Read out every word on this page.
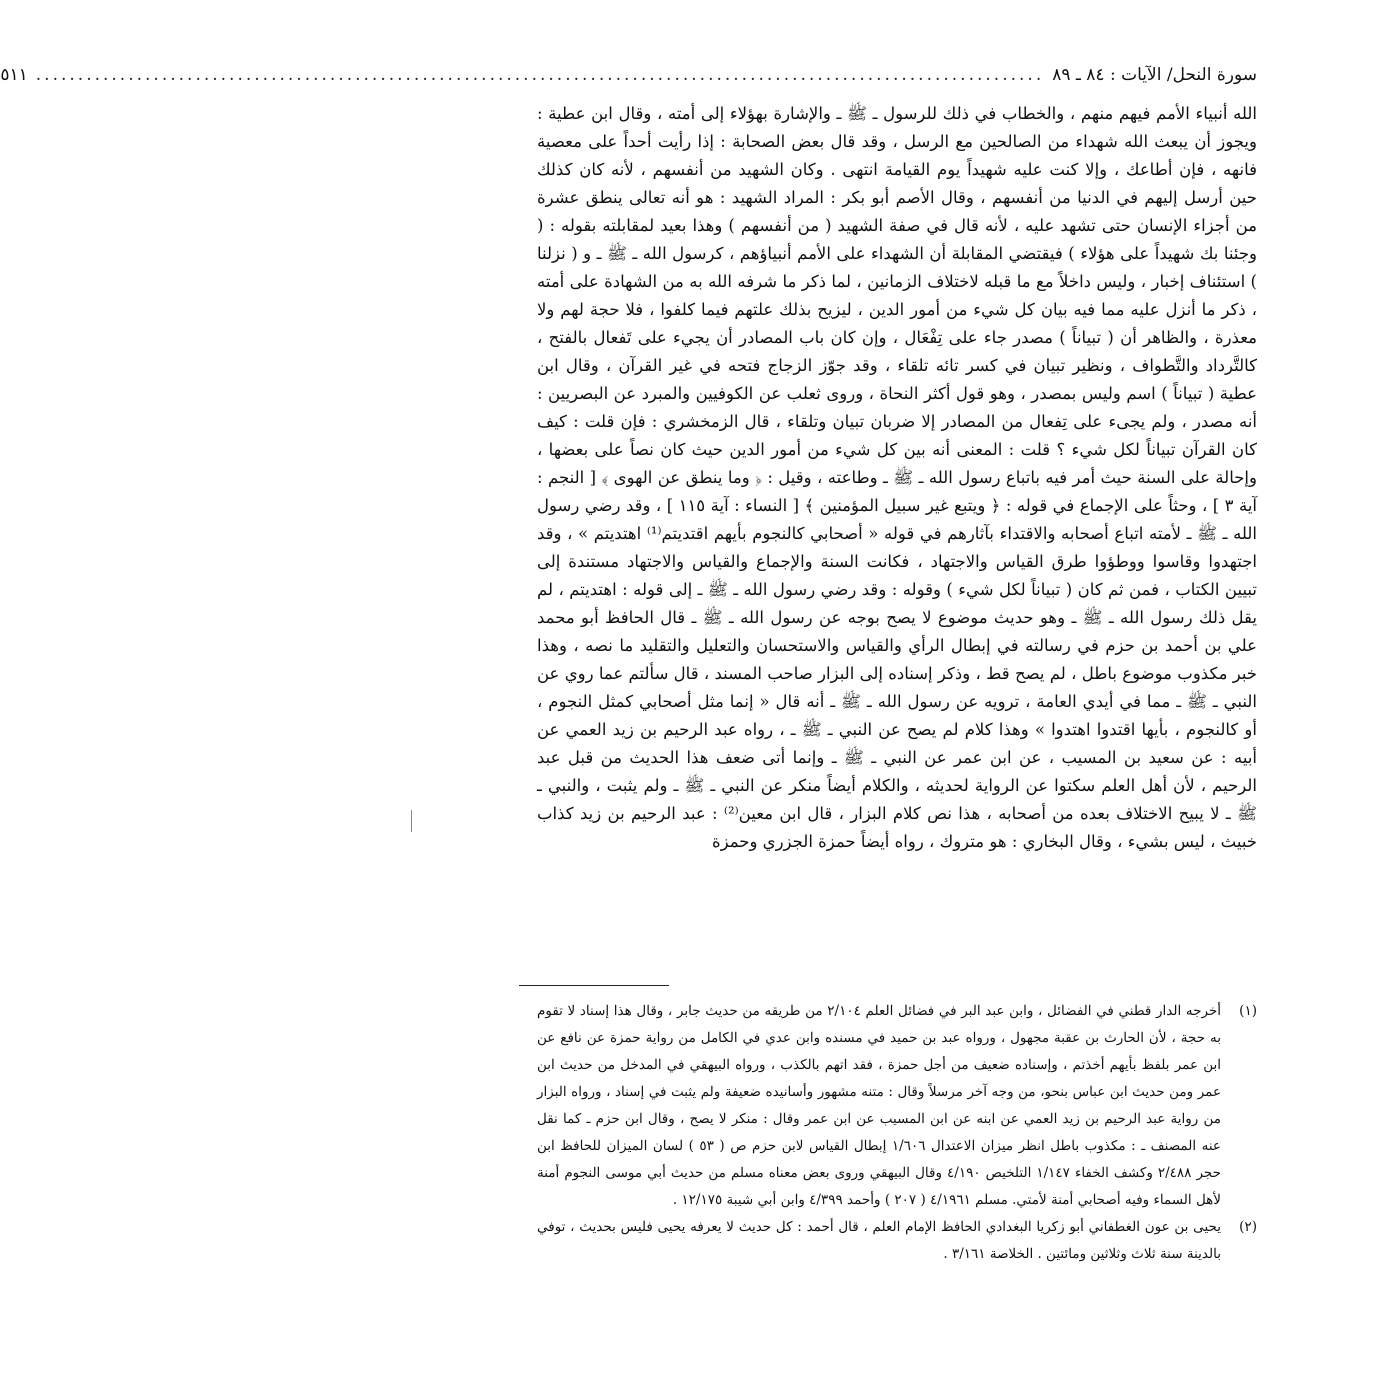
سورة النحل/ الآيات : ٨٤ ـ ٨٩
........................................................................................................................
٥١١

الله أنبياء الأمم فيهم منهم ، والخطاب في ذلك للرسول ـ ﷺ ـ والإشارة بهؤلاء إلى أمته ، وقال ابن عطية : ويجوز أن يبعث الله شهداء من الصالحين مع الرسل ، وقد قال بعض الصحابة : إذا رأيت أحداً على معصية فانهه ، فإن أطاعك ، وإلا كنت عليه شهيداً يوم القيامة انتهى . وكان الشهيد من أنفسهم ، لأنه كان كذلك حين أرسل إليهم في الدنيا من أنفسهم ، وقال الأصم أبو بكر : المراد الشهيد : هو أنه تعالى ينطق عشرة من أجزاء الإنسان حتى تشهد عليه ، لأنه قال في صفة الشهيد ( من أنفسهم ) وهذا بعيد لمقابلته بقوله : ( وجئنا بك شهيداً على هؤلاء ) فيقتضي المقابلة أن الشهداء على الأمم أنبياؤهم ، كرسول الله ـ ﷺ ـ و ( نزلنا ) استئناف إخبار ، وليس داخلاً مع ما قبله لاختلاف الزمانين ، لما ذكر ما شرفه الله به من الشهادة على أمته ، ذكر ما أنزل عليه مما فيه بيان كل شيء من أمور الدين ، ليزيح بذلك علتهم فيما كلفوا ، فلا حجة لهم ولا معذرة ، والظاهر أن ( تبياناً ) مصدر جاء على تِفْعَال ، وإن كان باب المصادر أن يجيء على تَفعال بالفتح ، كالتَّرداد والتَّطواف ، ونظير تبيان في كسر تائه تلقاء ، وقد جوّز الزجاج فتحه في غير القرآن ، وقال ابن عطية ( تبياناً ) اسم وليس بمصدر ، وهو قول أكثر النحاة ، وروى ثعلب عن الكوفيين والمبرد عن البصريين : أنه مصدر ، ولم يجىء على تِفعال من المصادر إلا ضربان تبيان وتلقاء ، قال الزمخشري : فإن قلت : كيف كان القرآن تبياناً لكل شيء ؟ قلت : المعنى أنه بين كل شيء من أمور الدين حيث كان نصاً على بعضها ، وإحالة على السنة حيث أمر فيه باتباع رسول الله ـ ﷺ ـ وطاعته ، وقيل : ﴿ وما ينطق عن الهوى ﴾ [ النجم : آية ٣ ] ، وحثاً على الإجماع في قوله : ﴿ ويتبع غير سبيل المؤمنين ﴾ [ النساء : آية ١١٥ ] ، وقد رضي رسول الله ـ ﷺ ـ لأمته اتباع أصحابه والاقتداء بآثارهم في قوله « أصحابي كالنجوم بأيهم اقتديتم⁽¹⁾ اهتديتم » ، وقد اجتهدوا وقاسوا ووطؤوا طرق القياس والاجتهاد ، فكانت السنة والإجماع والقياس والاجتهاد مستندة إلى تبيين الكتاب ، فمن ثم كان ( تبياناً لكل شيء ) وقوله : وقد رضي رسول الله ـ ﷺ ـ إلى قوله : اهتديتم ، لم يقل ذلك رسول الله ـ ﷺ ـ وهو حديث موضوع لا يصح بوجه عن رسول الله ـ ﷺ ـ قال الحافظ أبو محمد علي بن أحمد بن حزم في رسالته في إبطال الرأي والقياس والاستحسان والتعليل والتقليد ما نصه ، وهذا خبر مكذوب موضوع باطل ، لم يصح قط ، وذكر إسناده إلى البزار صاحب المسند ، قال سألتم عما روي عن النبي ـ ﷺ ـ مما في أيدي العامة ، ترويه عن رسول الله ـ ﷺ ـ أنه قال « إنما مثل أصحابي كمثل النجوم ، أو كالنجوم ، بأيها اقتدوا اهتدوا » وهذا كلام لم يصح عن النبي ـ ﷺ ـ ، رواه عبد الرحيم بن زيد العمي عن أبيه : عن سعيد بن المسيب ، عن ابن عمر عن النبي ـ ﷺ ـ وإنما أتى ضعف هذا الحديث من قبل عبد الرحيم ، لأن أهل العلم سكتوا عن الرواية لحديثه ، والكلام أيضاً منكر عن النبي ـ ﷺ ـ ولم يثبت ، والنبي ـ ﷺ ـ لا يبيح الاختلاف بعده من أصحابه ، هذا نص كلام البزار ، قال ابن معين⁽²⁾ : عبد الرحيم بن زيد كذاب خبيث ، ليس بشيء ، وقال البخاري : هو متروك ، رواه أيضاً حمزة الجزري وحمزة

(١)
أخرجه الدار قطني في الفضائل ، وابن عبد البر في فضائل العلم ٢/١٠٤ من طريقه من حديث جابر ، وقال هذا إسناد لا تقوم به حجة ، لأن الحارث بن عقبة مجهول ، ورواه عبد بن حميد في مسنده وابن عدي في الكامل من رواية حمزة عن نافع عن ابن عمر بلفظ بأيهم أخذتم ، وإسناده ضعيف من أجل حمزة ، فقد اتهم بالكذب ، ورواه البيهقي في المدخل من حديث ابن عمر ومن حديث ابن عباس بنحو، من وجه آخر مرسلاً وقال : متنه مشهور وأسانيده ضعيفة ولم يثبت في إسناد ، ورواه البزار من رواية عبد الرحيم بن زيد العمي عن ابنه عن ابن المسيب عن ابن عمر وقال : منكر لا يصح ، وقال ابن حزم ـ كما نقل عنه المصنف ـ : مكذوب باطل انظر ميزان الاعتدال ١/٦٠٦ إبطال القياس لابن حزم ص ( ٥٣ ) لسان الميزان للحافظ ابن حجر ٢/٤٨٨ وكشف الخفاء ١/١٤٧ التلخيص ٤/١٩٠ وقال البيهقي وروى بعض معناه مسلم من حديث أبي موسى النجوم أمنة لأهل السماء وفيه أصحابي أمنة لأمتي. مسلم ٤/١٩٦١ ( ٢٠٧ ) وأحمد ٤/٣٩٩ وابن أبي شيبة ١٢/١٧٥ .
(٢)
يحيى بن عون الغطفاني أبو زكريا البغدادي الحافظ الإمام العلم ، قال أحمد : كل حديث لا يعرفه يحيى فليس بحديث ، توفي بالدينة سنة ثلاث وثلاثين ومائتين . الخلاصة ٣/١٦١ .
